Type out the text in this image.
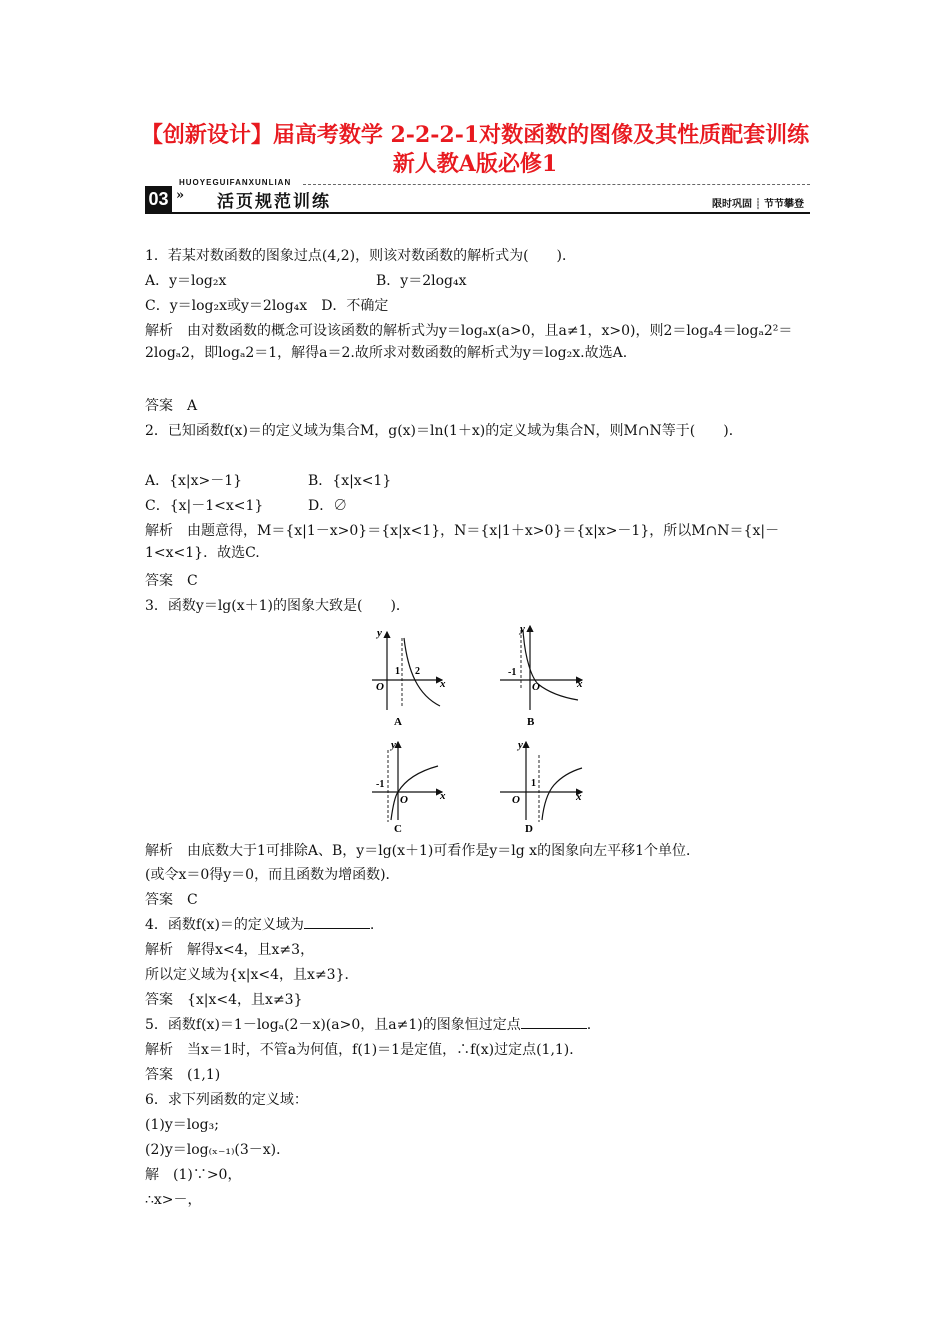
【创新设计】届高考数学 2-2-2-1对数函数的图像及其性质配套训练 新人教A版必修1
HUOYEGUIFANXUNLIAN
03 » 活页规范训练	限时巩固 ┊ 节节攀登
1．若某对数函数的图象过点(4,2)，则该对数函数的解析式为(　　)．
A．y＝log₂x	B．y＝2log₄x
C．y＝log₂x或y＝2log₄x　D．不确定
解析　由对数函数的概念可设该函数的解析式为y＝logₐx(a>0，且a≠1，x>0)，则2＝logₐ4＝logₐ2²＝2logₐ2，即logₐ2＝1，解得a＝2.故所求对数函数的解析式为y＝log₂x.故选A.
答案　A
2．已知函数f(x)＝的定义域为集合M，g(x)＝ln(1＋x)的定义域为集合N，则M∩N等于(　　)．
A．{x|x>－1}	B．{x|x<1}
C．{x|－1<x<1}	D．∅
解析　由题意得，M＝{x|1－x>0}＝{x|x<1}，N＝{x|1＋x>0}＝{x|x>－1}，所以M∩N＝{x|－1<x<1}．故选C.
答案　C
3．函数y＝lg(x＋1)的图象大致是(　　)．
y
x
O
1 2
A
y
x
O
-1
B
y
x
O
-1
C
y
x
O
1
D
解析　由底数大于1可排除A、B，y＝lg(x＋1)可看作是y＝lg x的图象向左平移1个单位．
(或令x＝0得y＝0，而且函数为增函数)．
答案　C
4．函数f(x)＝的定义域为	.
解析　解得x<4，且x≠3，
所以定义域为{x|x<4，且x≠3}．
答案　{x|x<4，且x≠3}
5．函数f(x)＝1－logₐ(2－x)(a>0，且a≠1)的图象恒过定点	.
解析　当x＝1时，不管a为何值，f(1)＝1是定值，∴f(x)过定点(1,1)．
答案　(1,1)
6．求下列函数的定义域：
(1)y＝log₃;
(2)y＝log₍ₓ₋₁₎(3－x)．
解　(1)∵>0，
∴x>－，
